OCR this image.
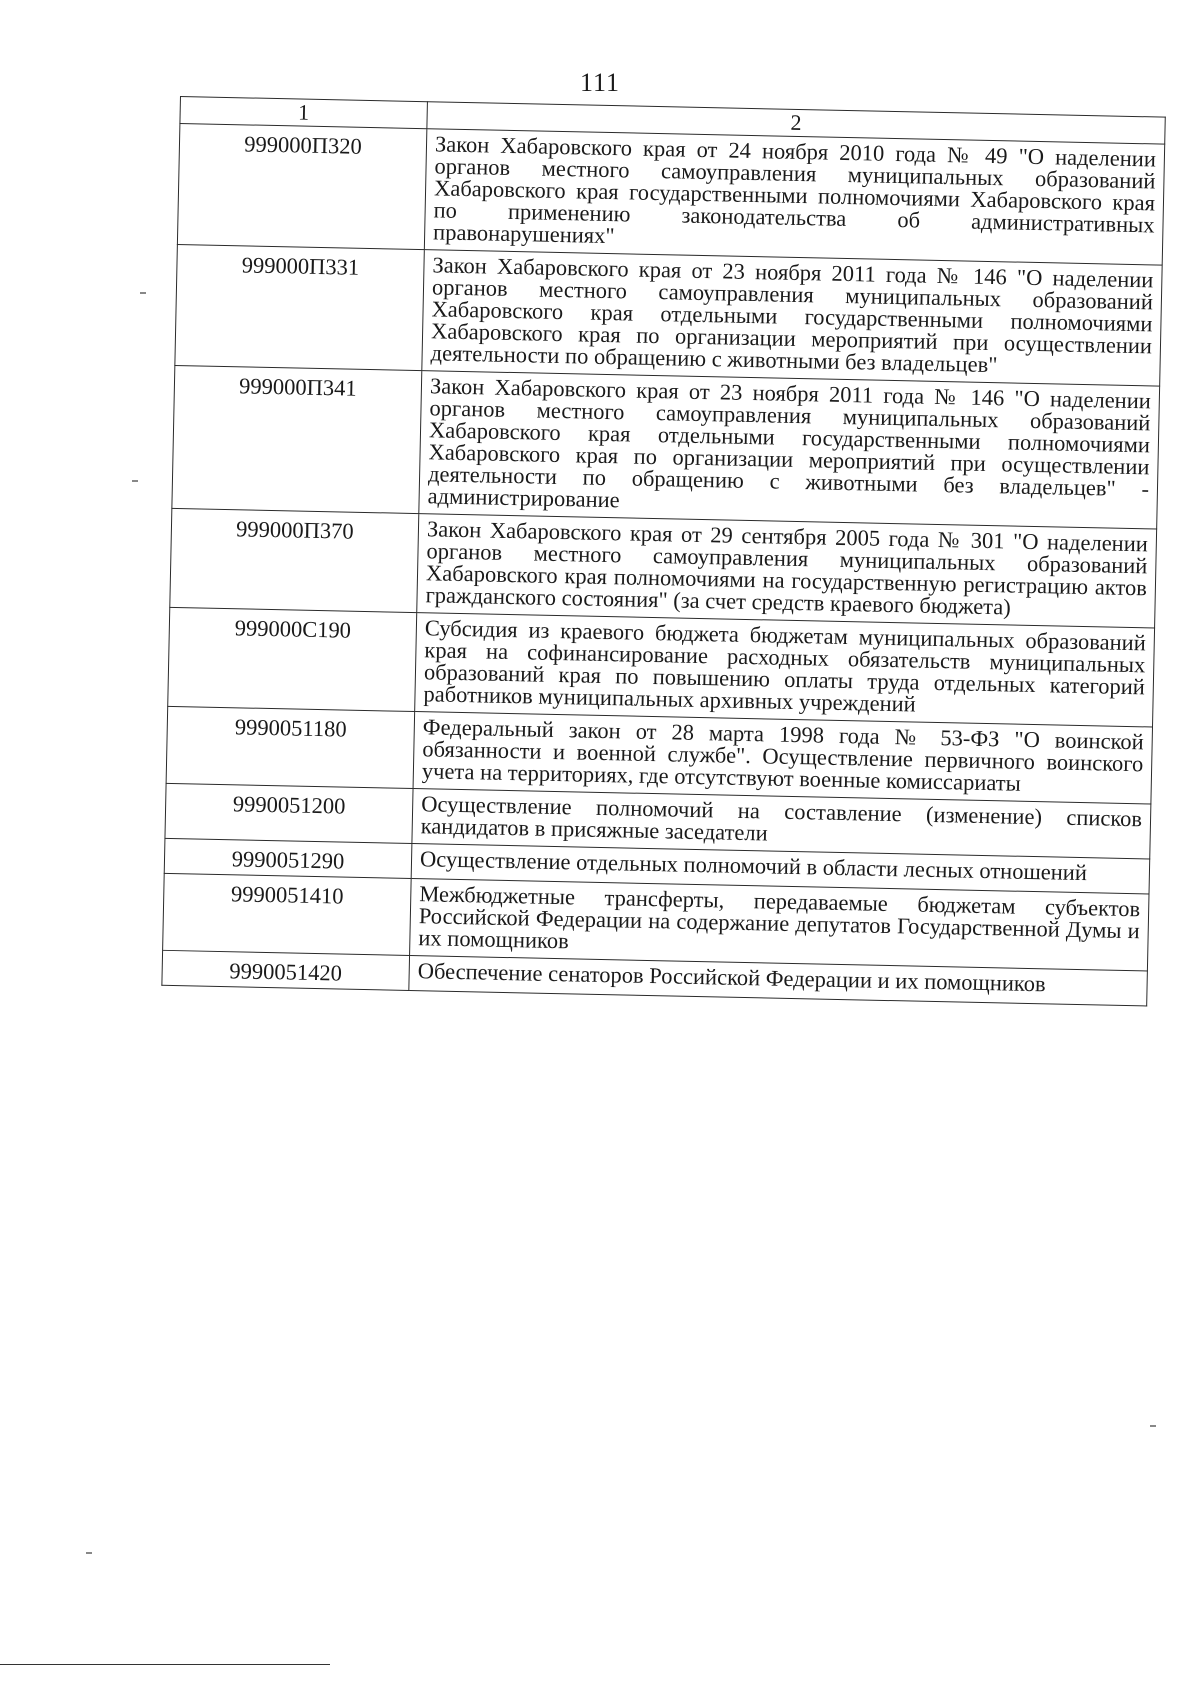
111
1	2
999000П320	Закон Хабаровского края от 24 ноября 2010 года № 49 "О наделении органов местного самоуправления муниципальных образований Хабаровского края государственными полномочиями Хабаровского края по применению законодательства об административных правонарушениях"
999000П331	Закон Хабаровского края от 23 ноября 2011 года № 146 "О наделении органов местного самоуправления муниципальных образований Хабаровского края отдельными государственными полномочиями Хабаровского края по организации мероприятий при осуществлении деятельности по обращению с животными без владельцев"
999000П341	Закон Хабаровского края от 23 ноября 2011 года № 146 "О наделении органов местного самоуправления муниципальных образований Хабаровского края отдельными государственными полномочиями Хабаровского края по организации мероприятий при осуществлении деятельности по обращению с животными без владельцев" - администрирование
999000П370	Закон Хабаровского края от 29 сентября 2005 года № 301 "О наделении органов местного самоуправления муниципальных образований Хабаровского края полномочиями на государственную регистрацию актов гражданского состояния" (за счет средств краевого бюджета)
999000С190	Субсидия из краевого бюджета бюджетам муниципальных образований края на софинансирование расходных обязательств муниципальных образований края по повышению оплаты труда отдельных категорий работников муниципальных архивных учреждений
9990051180	Федеральный закон от 28 марта 1998 года № 53-ФЗ "О воинской обязанности и военной службе". Осуществление первичного воинского учета на территориях, где отсутствуют военные комиссариаты
9990051200	Осуществление полномочий на составление (изменение) списков кандидатов в присяжные заседатели
9990051290	Осуществление отдельных полномочий в области лесных отношений
9990051410	Межбюджетные трансферты, передаваемые бюджетам субъектов Российской Федерации на содержание депутатов Государственной Думы и их помощников
9990051420	Обеспечение сенаторов Российской Федерации и их помощников
